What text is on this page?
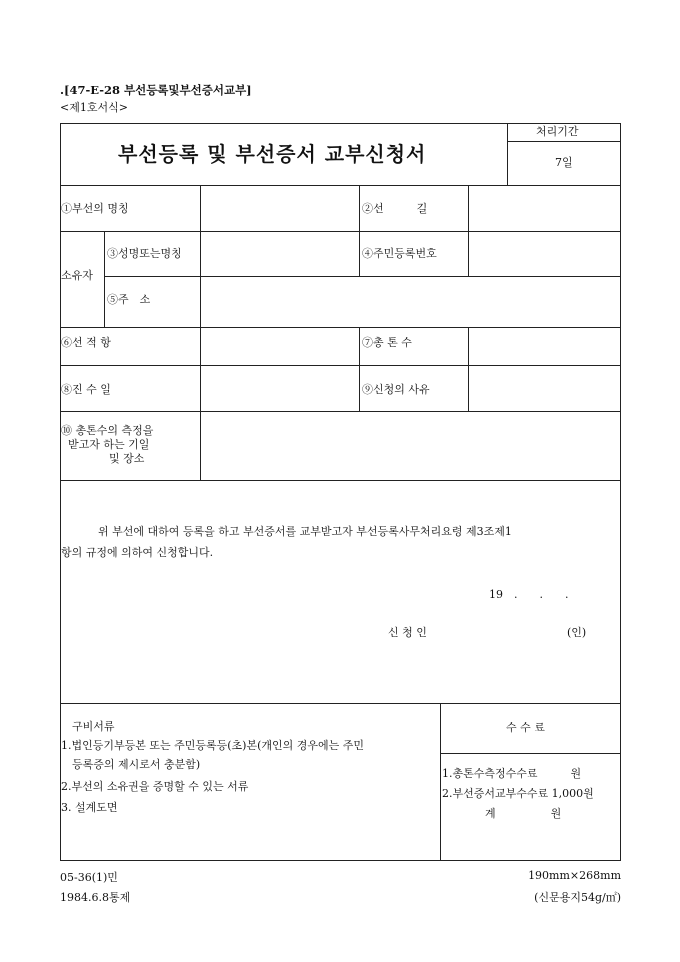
.[47-E-28 부선등록및부선증서교부]
<제1호서식>
부선등록 및 부선증서 교부신청서
처리기간
7일
①부선의 명칭	②선　　　길
소유자
③성명또는명칭	④주민등록번호
⑤주　소
⑥선 적 항	⑦총 톤 수
⑧진 수 일	⑨신청의 사유
⑩ 총톤수의 측정을
받고자 하는 기일
및 장소
위 부선에 대하여 등록을 하고 부선증서를 교부받고자 부선등록사무처리요령 제3조제1
항의 규정에 의하여 신청합니다.
19　.　　.　　.
신 청 인	(인)
구비서류
1.법인등기부등본 또는 주민등록등(초)본(개인의 경우에는 주민
등록증의 제시로서 충분함)
2.부선의 소유권을 증명할 수 있는 서류
3. 설계도면
수 수 료
1.총톤수측정수수료　　　원
2.부선증서교부수수료 1,000원
계　　　　　원
05-36(1)민
1984.6.8통제
190mm×268mm
(신문용지54g/㎡)
